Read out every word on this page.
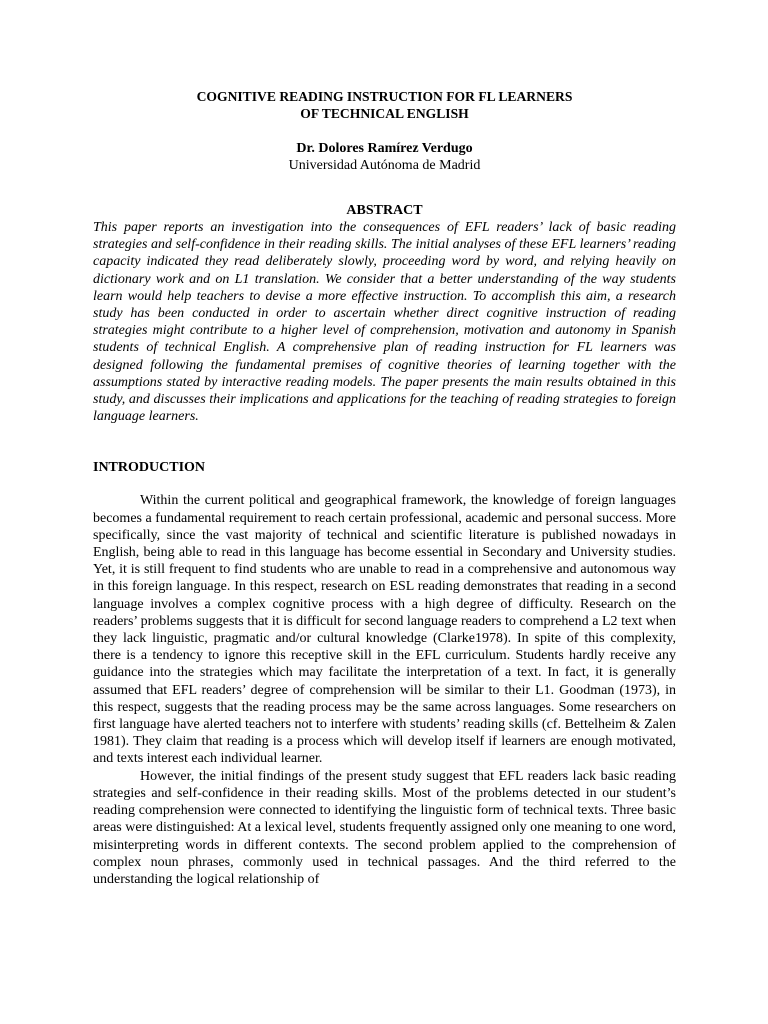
COGNITIVE READING INSTRUCTION FOR FL LEARNERS
OF TECHNICAL ENGLISH

Dr. Dolores Ramírez Verdugo

Universidad Autónoma de Madrid

ABSTRACT

This paper reports an investigation into the consequences of EFL readers’ lack of basic reading strategies and self-confidence in their reading skills. The initial analyses of these EFL learners’ reading capacity indicated they read deliberately slowly, proceeding word by word, and relying heavily on dictionary work and on L1 translation. We consider that a better understanding of the way students learn would help teachers to devise a more effective instruction. To accomplish this aim, a research study has been conducted in order to ascertain whether direct cognitive instruction of reading strategies might contribute to a higher level of comprehension, motivation and autonomy in Spanish students of technical English. A comprehensive plan of reading instruction for FL learners was designed following the fundamental premises of cognitive theories of learning together with the assumptions stated by interactive reading models. The paper presents the main results obtained in this study, and discusses their implications and applications for the teaching of reading strategies to foreign language learners.

INTRODUCTION

Within the current political and geographical framework, the knowledge of foreign languages becomes a fundamental requirement to reach certain professional, academic and personal success. More specifically, since the vast majority of technical and scientific literature is published nowadays in English, being able to read in this language has become essential in Secondary and University studies. Yet, it is still frequent to find students who are unable to read in a comprehensive and autonomous way in this foreign language. In this respect, research on ESL reading demonstrates that reading in a second language involves a complex cognitive process with a high degree of difficulty. Research on the readers’ problems suggests that it is difficult for second language readers to comprehend a L2 text when they lack linguistic, pragmatic and/or cultural knowledge (Clarke1978). In spite of this complexity, there is a tendency to ignore this receptive skill in the EFL curriculum. Students hardly receive any guidance into the strategies which may facilitate the interpretation of a text. In fact, it is generally assumed that EFL readers’ degree of comprehension will be similar to their L1. Goodman (1973), in this respect, suggests that the reading process may be the same across languages. Some researchers on first language have alerted teachers not to interfere with students’ reading skills (cf. Bettelheim & Zalen 1981). They claim that reading is a process which will develop itself if learners are enough motivated, and texts interest each individual learner.

However, the initial findings of the present study suggest that EFL readers lack basic reading strategies and self-confidence in their reading skills. Most of the problems detected in our student’s reading comprehension were connected to identifying the linguistic form of technical texts. Three basic areas were distinguished: At a lexical level, students frequently assigned only one meaning to one word, misinterpreting words in different contexts. The second problem applied to the comprehension of complex noun phrases, commonly used in technical passages. And the third referred to the understanding the logical relationship of
